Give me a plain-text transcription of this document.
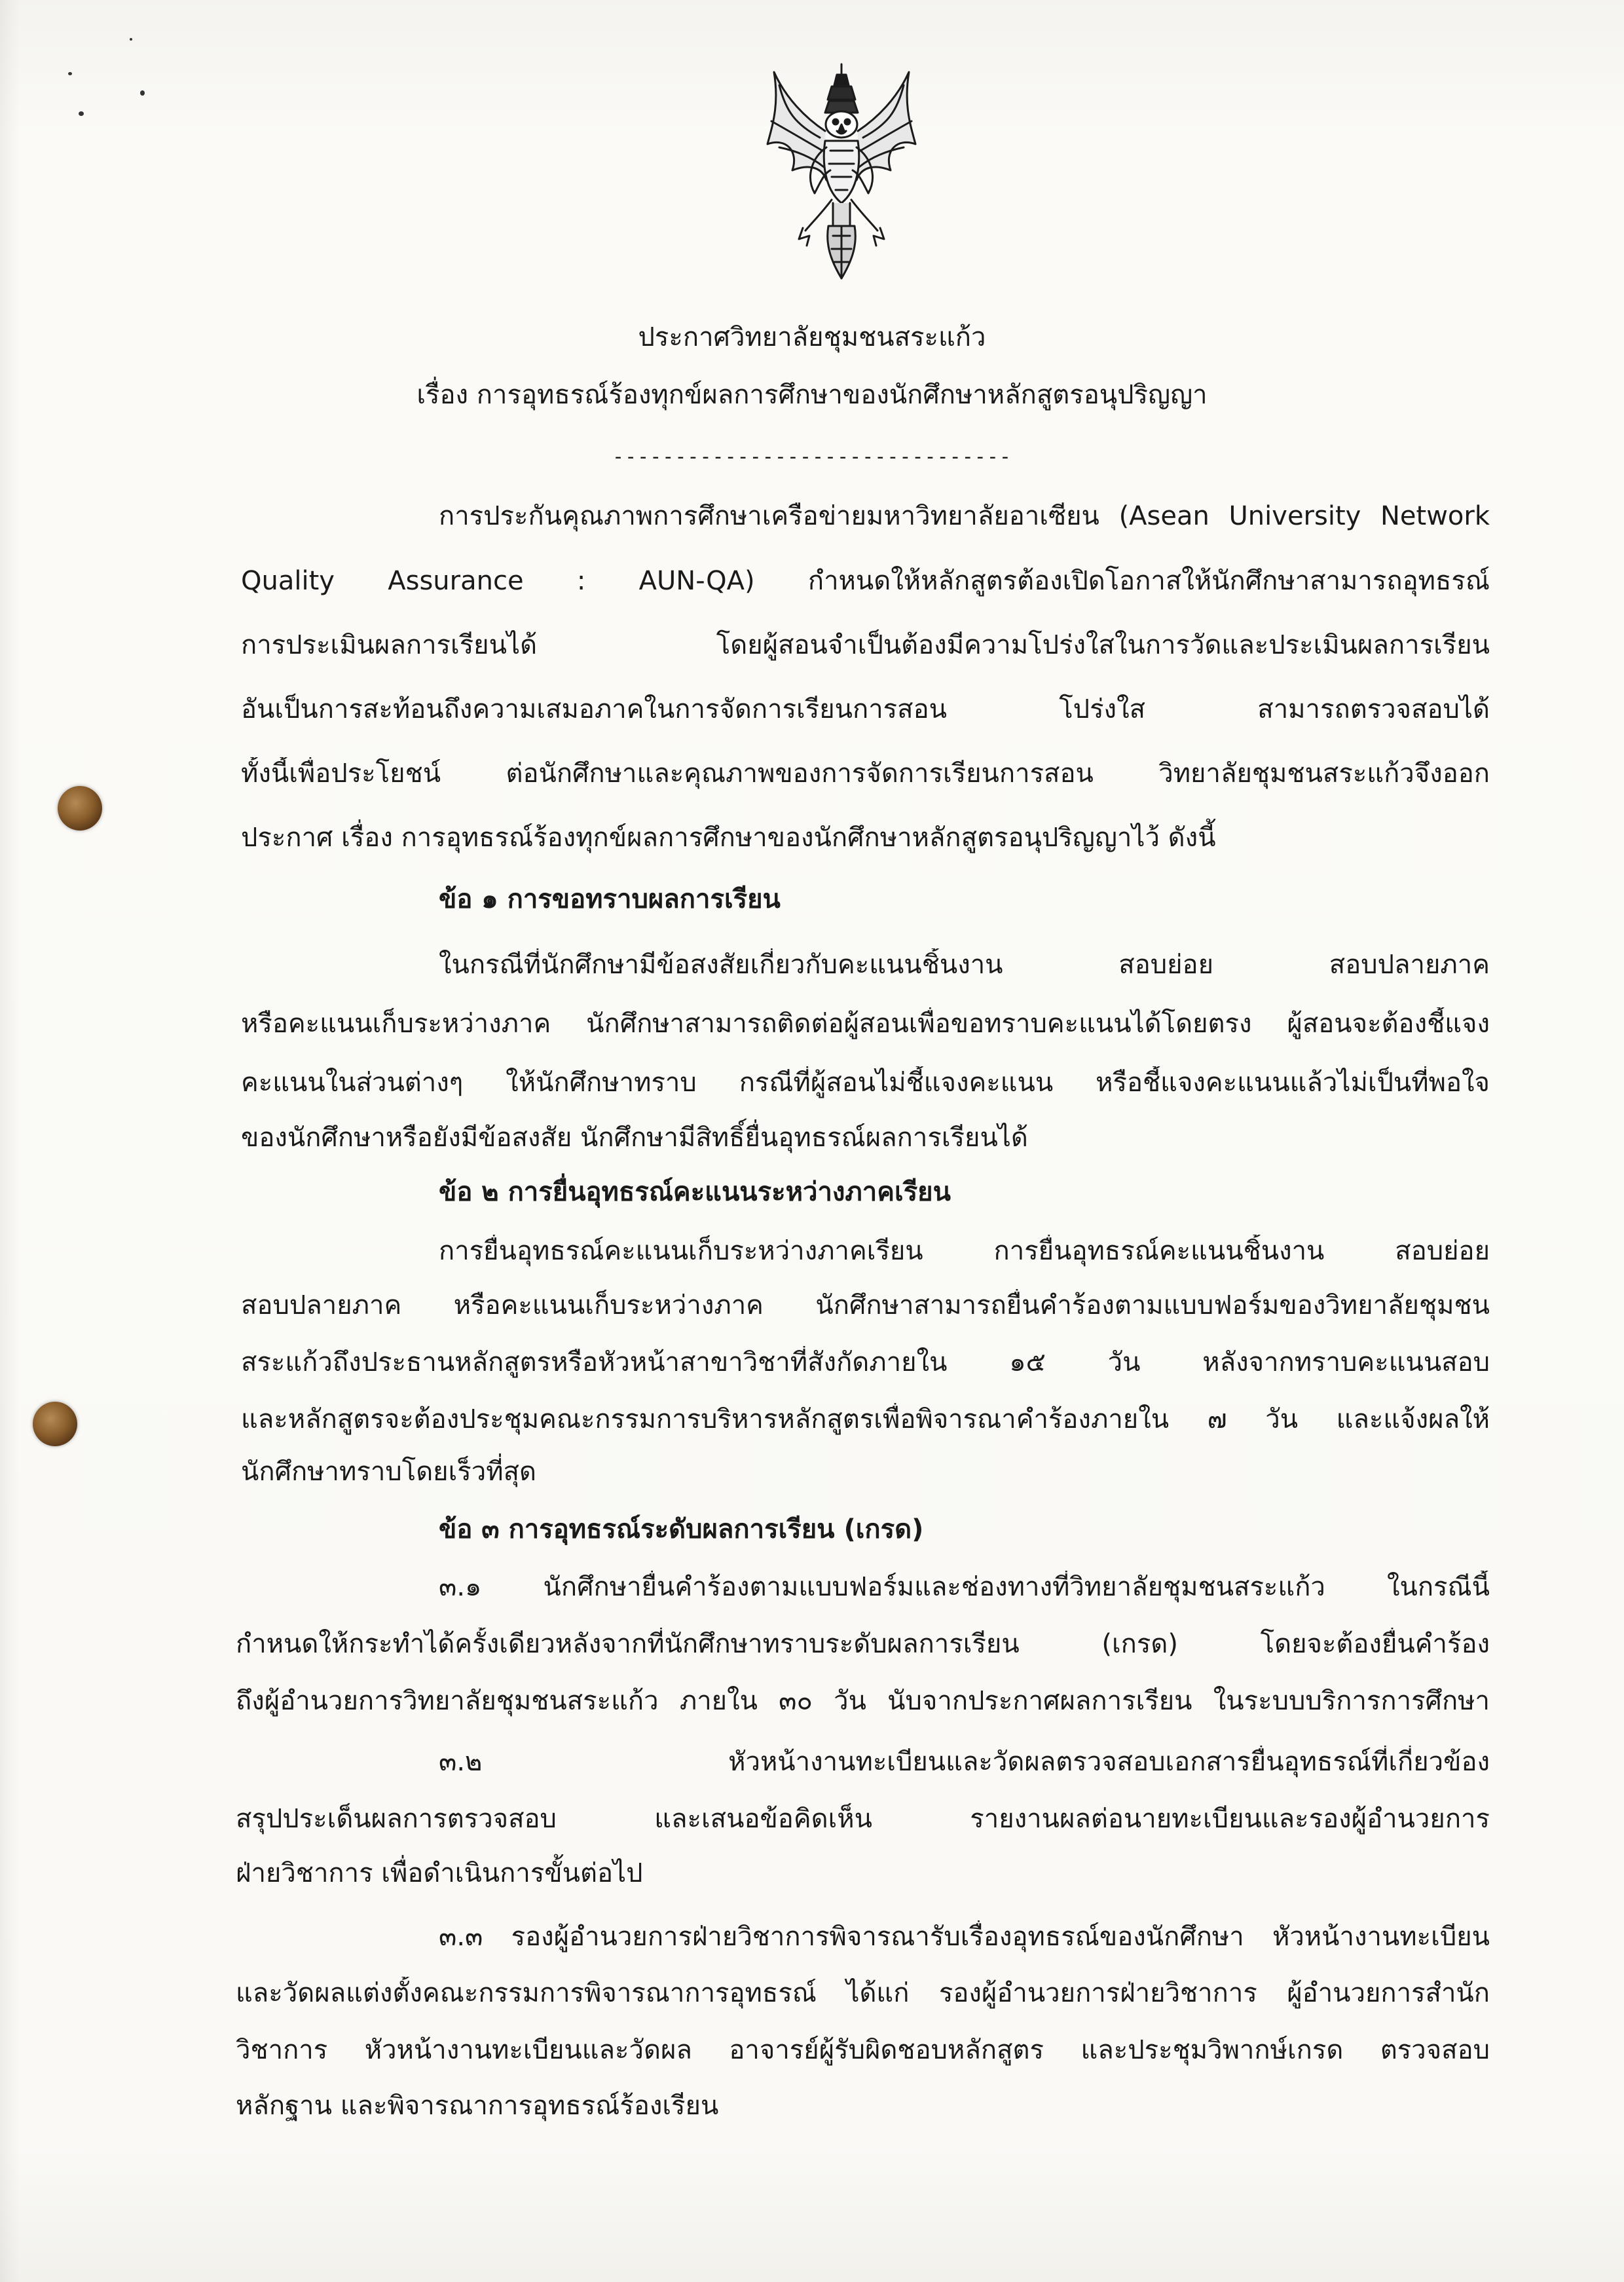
ประกาศวิทยาลัยชุมชนสระแก้ว
เรื่อง การอุทธรณ์ร้องทุกข์ผลการศึกษาของนักศึกษาหลักสูตรอนุปริญญา
--------------------------------
การประกันคุณภาพการศึกษาเครือข่ายมหาวิทยาลัยอาเซียน (Asean University Network
Quality Assurance : AUN-QA) กำหนดให้หลักสูตรต้องเปิดโอกาสให้นักศึกษาสามารถอุทธรณ์
การประเมินผลการเรียนได้ โดยผู้สอนจำเป็นต้องมีความโปร่งใสในการวัดและประเมินผลการเรียน
อันเป็นการสะท้อนถึงความเสมอภาคในการจัดการเรียนการสอน โปร่งใส สามารถตรวจสอบได้
ทั้งนี้เพื่อประโยชน์ ต่อนักศึกษาและคุณภาพของการจัดการเรียนการสอน วิทยาลัยชุมชนสระแก้วจึงออก
ประกาศ เรื่อง การอุทธรณ์ร้องทุกข์ผลการศึกษาของนักศึกษาหลักสูตรอนุปริญญาไว้ ดังนี้
ข้อ ๑ การขอทราบผลการเรียน
ในกรณีที่นักศึกษามีข้อสงสัยเกี่ยวกับคะแนนชิ้นงาน สอบย่อย สอบปลายภาค
หรือคะแนนเก็บระหว่างภาค นักศึกษาสามารถติดต่อผู้สอนเพื่อขอทราบคะแนนได้โดยตรง ผู้สอนจะต้องชี้แจง
คะแนนในส่วนต่างๆ ให้นักศึกษาทราบ กรณีที่ผู้สอนไม่ชี้แจงคะแนน หรือชี้แจงคะแนนแล้วไม่เป็นที่พอใจ
ของนักศึกษาหรือยังมีข้อสงสัย นักศึกษามีสิทธิ์ยื่นอุทธรณ์ผลการเรียนได้
ข้อ ๒ การยื่นอุทธรณ์คะแนนระหว่างภาคเรียน
การยื่นอุทธรณ์คะแนนเก็บระหว่างภาคเรียน การยื่นอุทธรณ์คะแนนชิ้นงาน สอบย่อย
สอบปลายภาค หรือคะแนนเก็บระหว่างภาค นักศึกษาสามารถยื่นคำร้องตามแบบฟอร์มของวิทยาลัยชุมชน
สระแก้วถึงประธานหลักสูตรหรือหัวหน้าสาขาวิชาที่สังกัดภายใน ๑๕ วัน หลังจากทราบคะแนนสอบ
และหลักสูตรจะต้องประชุมคณะกรรมการบริหารหลักสูตรเพื่อพิจารณาคำร้องภายใน ๗ วัน และแจ้งผลให้
นักศึกษาทราบโดยเร็วที่สุด
ข้อ ๓ การอุทธรณ์ระดับผลการเรียน (เกรด)
๓.๑ นักศึกษายื่นคำร้องตามแบบฟอร์มและช่องทางที่วิทยาลัยชุมชนสระแก้ว ในกรณีนี้
กำหนดให้กระทำได้ครั้งเดียวหลังจากที่นักศึกษาทราบระดับผลการเรียน (เกรด) โดยจะต้องยื่นคำร้อง
ถึงผู้อำนวยการวิทยาลัยชุมชนสระแก้ว ภายใน ๓๐ วัน นับจากประกาศผลการเรียน ในระบบบริการการศึกษา
๓.๒ หัวหน้างานทะเบียนและวัดผลตรวจสอบเอกสารยื่นอุทธรณ์ที่เกี่ยวข้อง
สรุปประเด็นผลการตรวจสอบ และเสนอข้อคิดเห็น รายงานผลต่อนายทะเบียนและรองผู้อำนวยการ
ฝ่ายวิชาการ เพื่อดำเนินการขั้นต่อไป
๓.๓ รองผู้อำนวยการฝ่ายวิชาการพิจารณารับเรื่องอุทธรณ์ของนักศึกษา หัวหน้างานทะเบียน
และวัดผลแต่งตั้งคณะกรรมการพิจารณาการอุทธรณ์ ได้แก่ รองผู้อำนวยการฝ่ายวิชาการ ผู้อำนวยการสำนัก
วิชาการ หัวหน้างานทะเบียนและวัดผล อาจารย์ผู้รับผิดชอบหลักสูตร และประชุมวิพากษ์เกรด ตรวจสอบ
หลักฐาน และพิจารณาการอุทธรณ์ร้องเรียน
